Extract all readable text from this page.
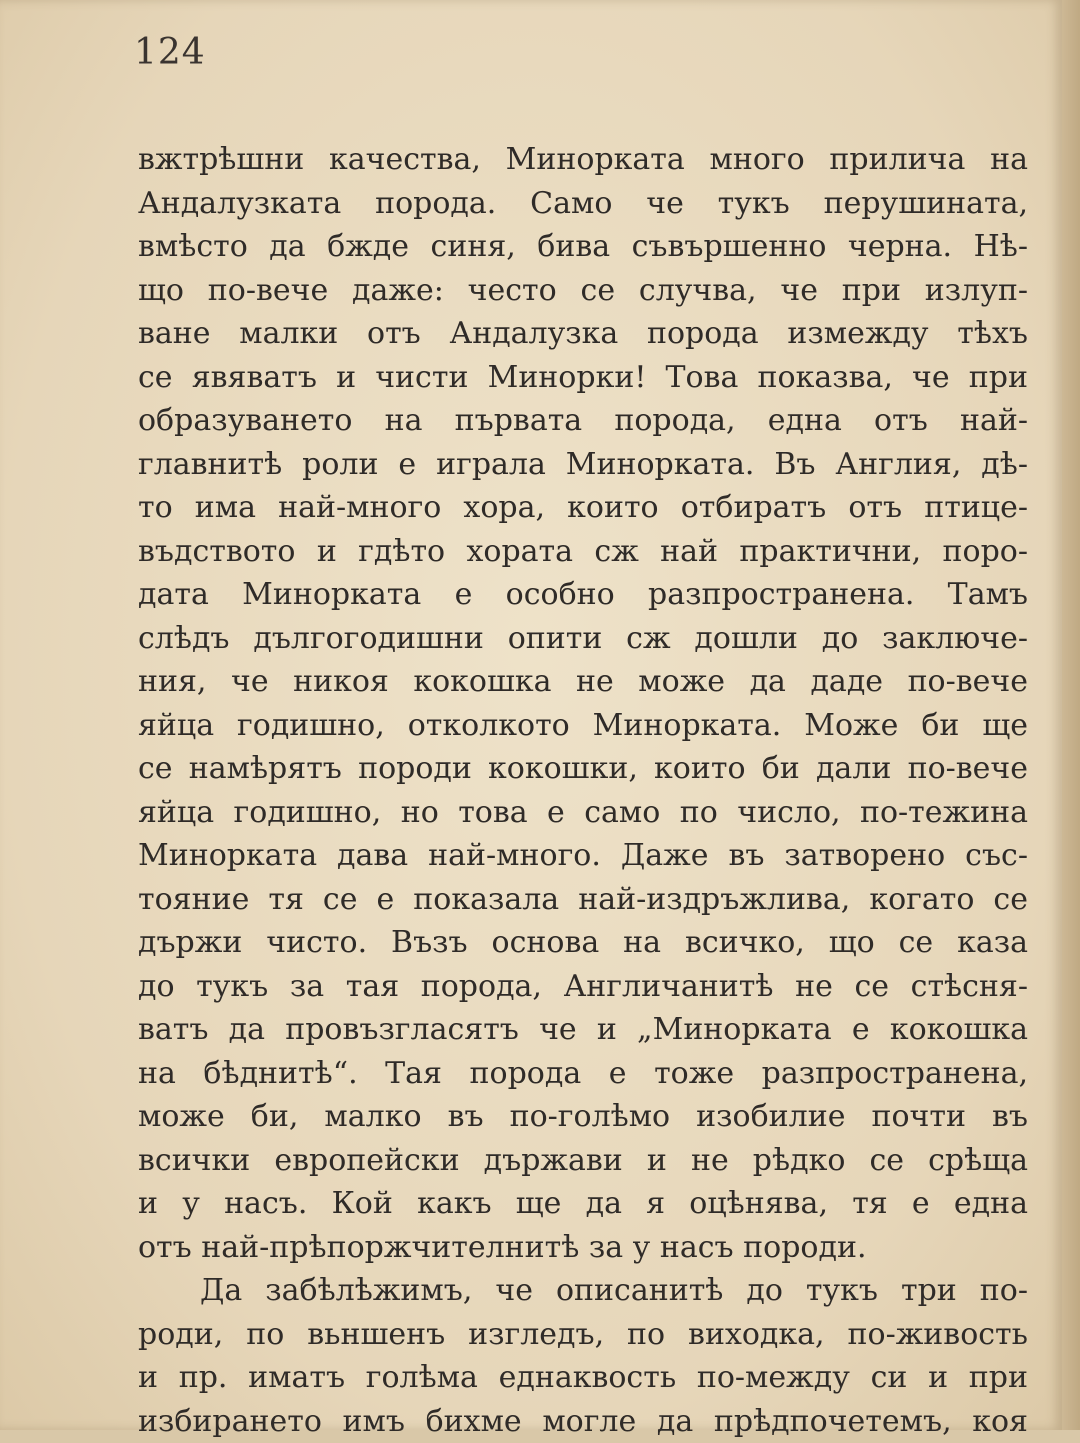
124
вжтрѣшни качества, Минорката много прилича на
Андалузката порода. Само че тукъ перушината,
вмѣсто да бжде синя, бива съвършенно черна. Нѣ-
що по-вече даже: често се случва, че при излуп-
ване малки отъ Андалузка порода измежду тѣхъ
се явяватъ и чисти Минорки! Това показва, че при
образуването на първата порода, една отъ най-
главнитѣ роли е играла Минорката. Въ Англия, дѣ-
то има най-много хора, които отбиратъ отъ птице-
въдството и гдѣто хората сж най практични, поро-
дата Минорката е особно разпространена. Тамъ
слѣдъ дългогодишни опити сж дошли до заключе-
ния, че никоя кокошка не може да даде по-вече
яйца годишно, отколкото Минорката. Може би ще
се намѣрятъ породи кокошки, които би дали по-вече
яйца годишно, но това е само по число, по-тежина
Минорката дава най-много. Даже въ затворено със-
тояние тя се е показала най-издръжлива, когато се
държи чисто. Възъ основа на всичко, що се каза
до тукъ за тая порода, Англичанитѣ не се стѣсня-
ватъ да провъзгласятъ че и „Минорката е кокошка
на бѣднитѣ“. Тая порода е тоже разпространена,
може би, малко въ по-голѣмо изобилие почти въ
всички европейски държави и не рѣдко се срѣща
и у насъ. Кой какъ ще да я оцѣнява, тя е една
отъ най-прѣпоржчителнитѣ за у насъ породи.
Да забѣлѣжимъ, че описанитѣ до тукъ три по-
роди, по вьншенъ изгледъ, по виходка, по-живость
и пр. иматъ голѣма еднаквость по-между си и при
избирането имъ бихме могле да прѣдпочетемъ, коя
